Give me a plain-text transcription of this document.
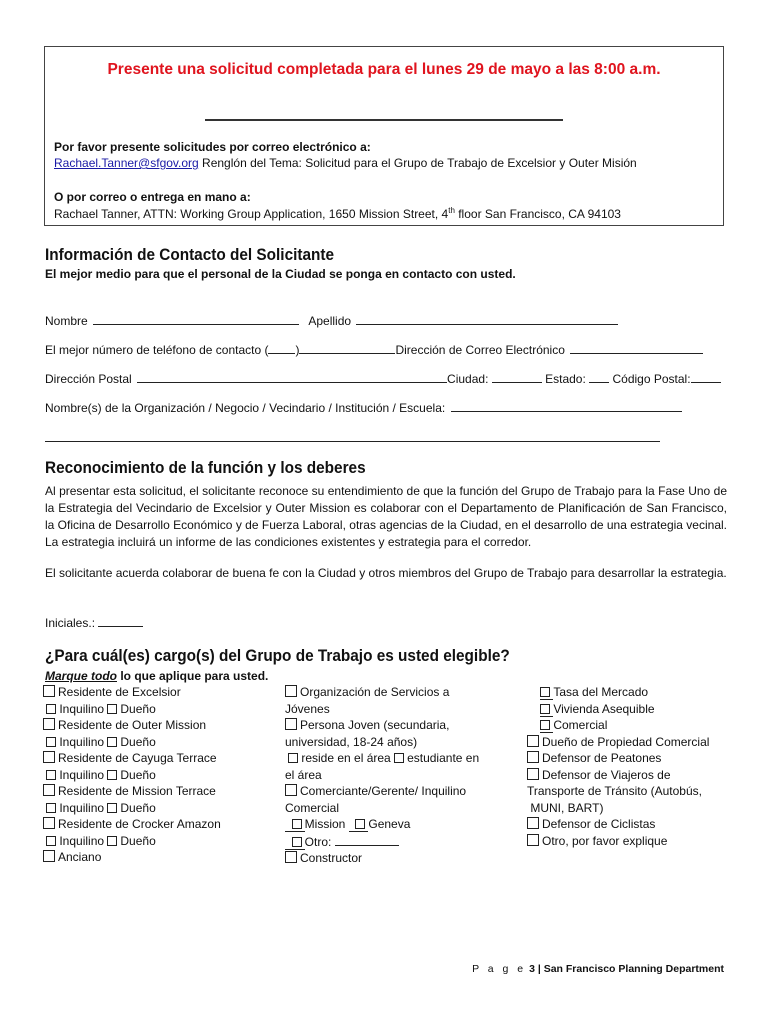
Presente una solicitud completada para el lunes 29 de mayo a las 8:00 a.m.
Por favor presente solicitudes por correo electrónico a:
Rachael.Tanner@sfgov.org Renglón del Tema: Solicitud para el Grupo de Trabajo de Excelsior y Outer Misión
O por correo o entrega en mano a:
Rachael Tanner, ATTN: Working Group Application, 1650 Mission Street, 4th floor San Francisco, CA 94103
Información de Contacto del Solicitante
El mejor medio para que el personal de la Ciudad se ponga en contacto con usted.
Nombre	Apellido
El mejor número de teléfono de contacto ( )	Dirección de Correo Electrónico
Dirección Postal	Ciudad:	Estado: Código Postal:
Nombre(s) de la Organización / Negocio / Vecindario / Institución / Escuela:
Reconocimiento de la función y los deberes
Al presentar esta solicitud, el solicitante reconoce su entendimiento de que la función del Grupo de Trabajo para la Fase Uno de la Estrategia del Vecindario de Excelsior y Outer Mission es colaborar con el Departamento de Planificación de San Francisco, la Oficina de Desarrollo Económico y de Fuerza Laboral, otras agencias de la Ciudad, en el desarrollo de una estrategia vecinal. La estrategia incluirá un informe de las condiciones existentes y estrategia para el corredor.
El solicitante acuerda colaborar de buena fe con la Ciudad y otros miembros del Grupo de Trabajo para desarrollar la estrategia.
Iniciales.:
¿Para cuál(es) cargo(s) del Grupo de Trabajo es usted elegible?
Marque todo lo que aplique para usted.
Residente de Excelsior
Inquilino Dueño
Residente de Outer Mission
Inquilino Dueño
Residente de Cayuga Terrace
Inquilino Dueño
Residente de Mission Terrace
Inquilino Dueño
Residente de Crocker Amazon
Inquilino Dueño
Anciano
Organización de Servicios a
Jóvenes
Persona Joven (secundaria,
universidad, 18-24 años)
reside en el área estudiante en
el área
Comerciante/Gerente/ Inquilino
Comercial
Mission Geneva
Otro:
Constructor
Tasa del Mercado
Vivienda Asequible
Comercial
Dueño de Propiedad Comercial
Defensor de Peatones
Defensor de Viajeros de
Transporte de Tránsito (Autobús,
MUNI, BART)
Defensor de Ciclistas
Otro, por favor explique
P a g e 3 | San Francisco Planning Department
